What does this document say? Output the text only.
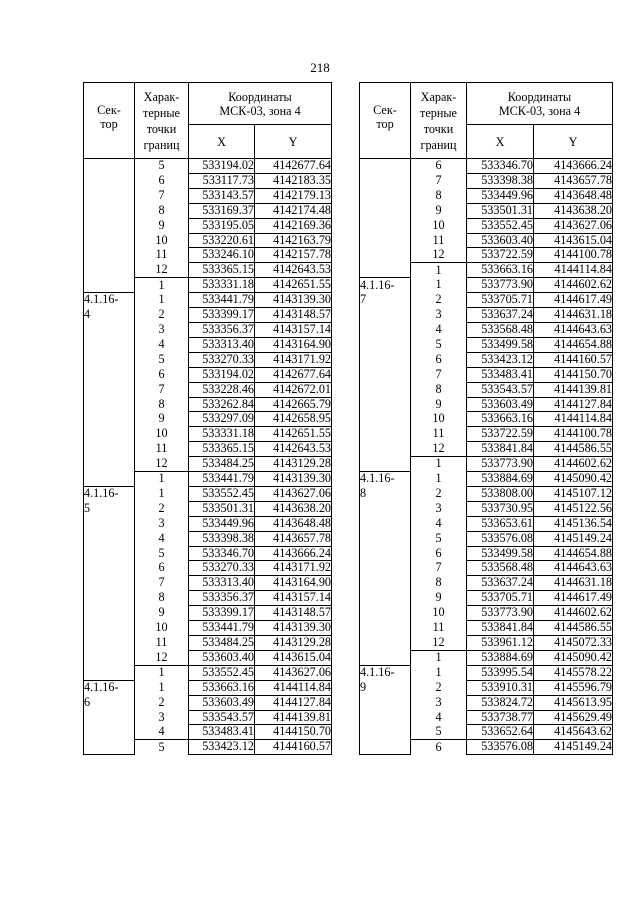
218
Сек-
тор	Харак-
терные
точки
границ	Координаты
МСК-03, зона 4	
		X	Y
	5	533194.02	4142677.64
	6	533117.73	4142183.35
	7	533143.57	4142179.13
	8	533169.37	4142174.48
	9	533195.05	4142169.36
	10	533220.61	4142163.79
	11	533246.10	4142157.78
	12	533365.15	4142643.53
	1	533331.18	4142651.55
4.1.16-	1	533441.79	4143139.30
4	2	533399.17	4143148.57
	3	533356.37	4143157.14
	4	533313.40	4143164.90
	5	533270.33	4143171.92
	6	533194.02	4142677.64
	7	533228.46	4142672.01
	8	533262.84	4142665.79
	9	533297.09	4142658.95
	10	533331.18	4142651.55
	11	533365.15	4142643.53
	12	533484.25	4143129.28
	1	533441.79	4143139.30
4.1.16-	1	533552.45	4143627.06
5	2	533501.31	4143638.20
	3	533449.96	4143648.48
	4	533398.38	4143657.78
	5	533346.70	4143666.24
	6	533270.33	4143171.92
	7	533313.40	4143164.90
	8	533356.37	4143157.14
	9	533399.17	4143148.57
	10	533441.79	4143139.30
	11	533484.25	4143129.28
	12	533603.40	4143615.04
	1	533552.45	4143627.06
4.1.16-	1	533663.16	4144114.84
6	2	533603.49	4144127.84
	3	533543.57	4144139.81
	4	533483.41	4144150.70
	5	533423.12	4144160.57
Сек-
тор	Харак-
терные
точки
границ	Координаты
МСК-03, зона 4	
		X	Y
	6	533346.70	4143666.24
	7	533398.38	4143657.78
	8	533449.96	4143648.48
	9	533501.31	4143638.20
	10	533552.45	4143627.06
	11	533603.40	4143615.04
	12	533722.59	4144100.78
	1	533663.16	4144114.84
4.1.16-	1	533773.90	4144602.62
7	2	533705.71	4144617.49
	3	533637.24	4144631.18
	4	533568.48	4144643.63
	5	533499.58	4144654.88
	6	533423.12	4144160.57
	7	533483.41	4144150.70
	8	533543.57	4144139.81
	9	533603.49	4144127.84
	10	533663.16	4144114.84
	11	533722.59	4144100.78
	12	533841.84	4144586.55
	1	533773.90	4144602.62
4.1.16-	1	533884.69	4145090.42
8	2	533808.00	4145107.12
	3	533730.95	4145122.56
	4	533653.61	4145136.54
	5	533576.08	4145149.24
	6	533499.58	4144654.88
	7	533568.48	4144643.63
	8	533637.24	4144631.18
	9	533705.71	4144617.49
	10	533773.90	4144602.62
	11	533841.84	4144586.55
	12	533961.12	4145072.33
	1	533884.69	4145090.42
4.1.16-	1	533995.54	4145578.22
9	2	533910.31	4145596.79
	3	533824.72	4145613.95
	4	533738.77	4145629.49
	5	533652.64	4145643.62
	6	533576.08	4145149.24
